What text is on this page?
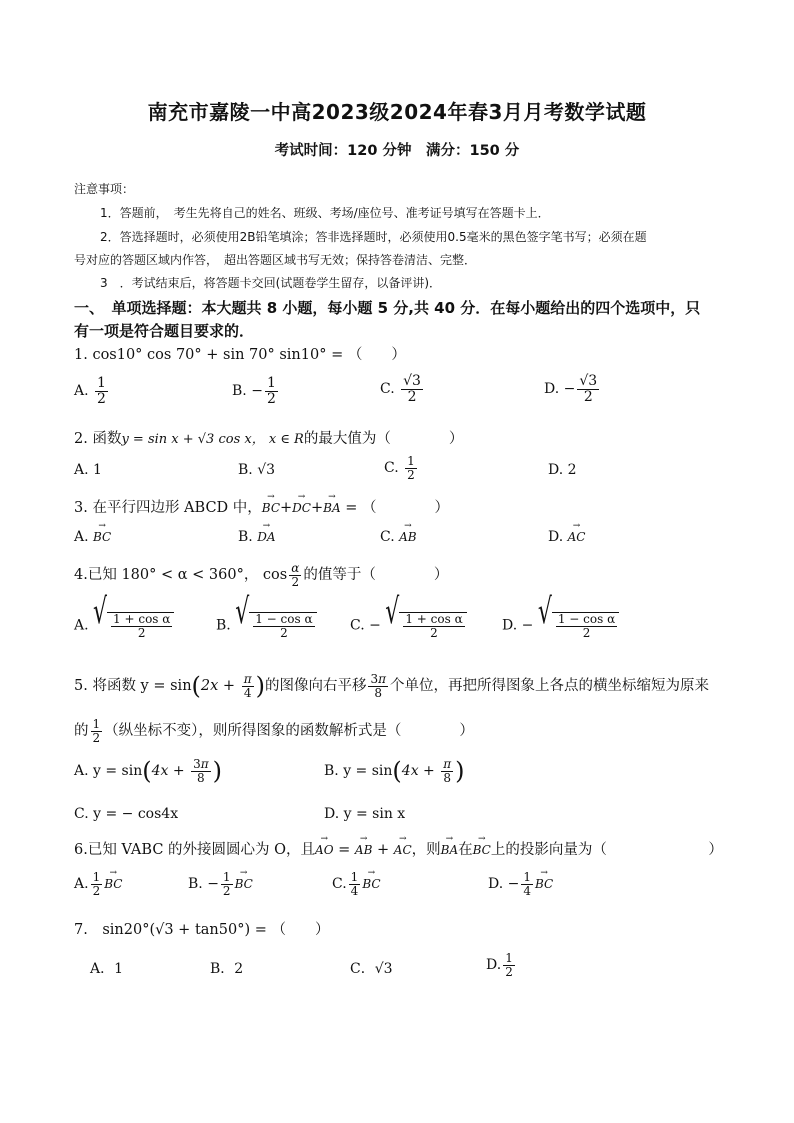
南充市嘉陵一中高2023级2024年春3月月考数学试题
考试时间：120 分钟　满分：150 分
注意事项：
1．答题前，　考生先将自己的姓名、班级、考场/座位号、准考证号填写在答题卡上．
2．答选择题时，必须使用2B铅笔填涂；答非选择题时，必须使用0.5毫米的黑色签字笔书写；必须在题
号对应的答题区域内作答，　超出答题区域书写无效；保持答卷清洁、完整．
3　．考试结束后，将答题卡交回(试题卷学生留存，以备评讲)．
一、　单项选择题：本大题共 8 小题，每小题 5 分,共 40 分．在每小题给出的四个选项中，只
有一项是符合题目要求的．
1. cos10° cos 70° + sin 70° sin10° = （　　）
A. $\frac{1}{2}$	B. − $\frac{1}{2}$	C. $\frac{√3}{2}$	D. − $\frac{√3}{2}$
2. 函数y = sin x + √3 cos x， x ∈ R的最大值为（　　　　）
A. 1	B. √3	C. $\frac{1}{2}$	D. 2
3. 在平行四边形 ABCD 中，→ BC+→ DC+→ BA = （　　　　）
A. → BC	B. → DA	C. → AB	D. → AC
4.已知 180° < α < 360°， $\cos \frac{\alpha}{2}$ 的值等于（　　　　）
A. √ $\frac{\text{1 + cos α}}{2}$	B. √ $\frac{\text{1 − cos α}}{2}$	C. − √ $\frac{\text{1 + cos α}}{2}$	D. − √ $\frac{\text{1 − cos α}}{2}$
5. 将函数 $y = \sin(2x + \frac{\pi}{4}$ )的图像向右平移 $\frac{3\pi}{8}$ 个单位，再把所得图象上各点的横坐标缩短为原来
的 $\frac{1}{2}$ （纵坐标不变），则所得图象的函数解析式是（　　　　）
A. $y = \sin(4x + \frac{3\pi}{8}$ )	B. $y = \sin(4x + \frac{\pi}{8}$ )
C. y = − cos4x	D. y = sin x
6.已知 VABC 的外接圆圆心为 O，且→ AO = → AB + → AC，则→ BA在→ BC上的投影向量为（　　　　　　　）
A. $\frac{1}{2}$ → BC	B. − $\frac{1}{2}$ → BC	C. $\frac{1}{4}$ → BC	D. − $\frac{1}{4}$ → BC
7.　sin20°(√3 + tan50°) = （　　）
A．1	B．2	C．√3	D. $\frac{1}{2}$
